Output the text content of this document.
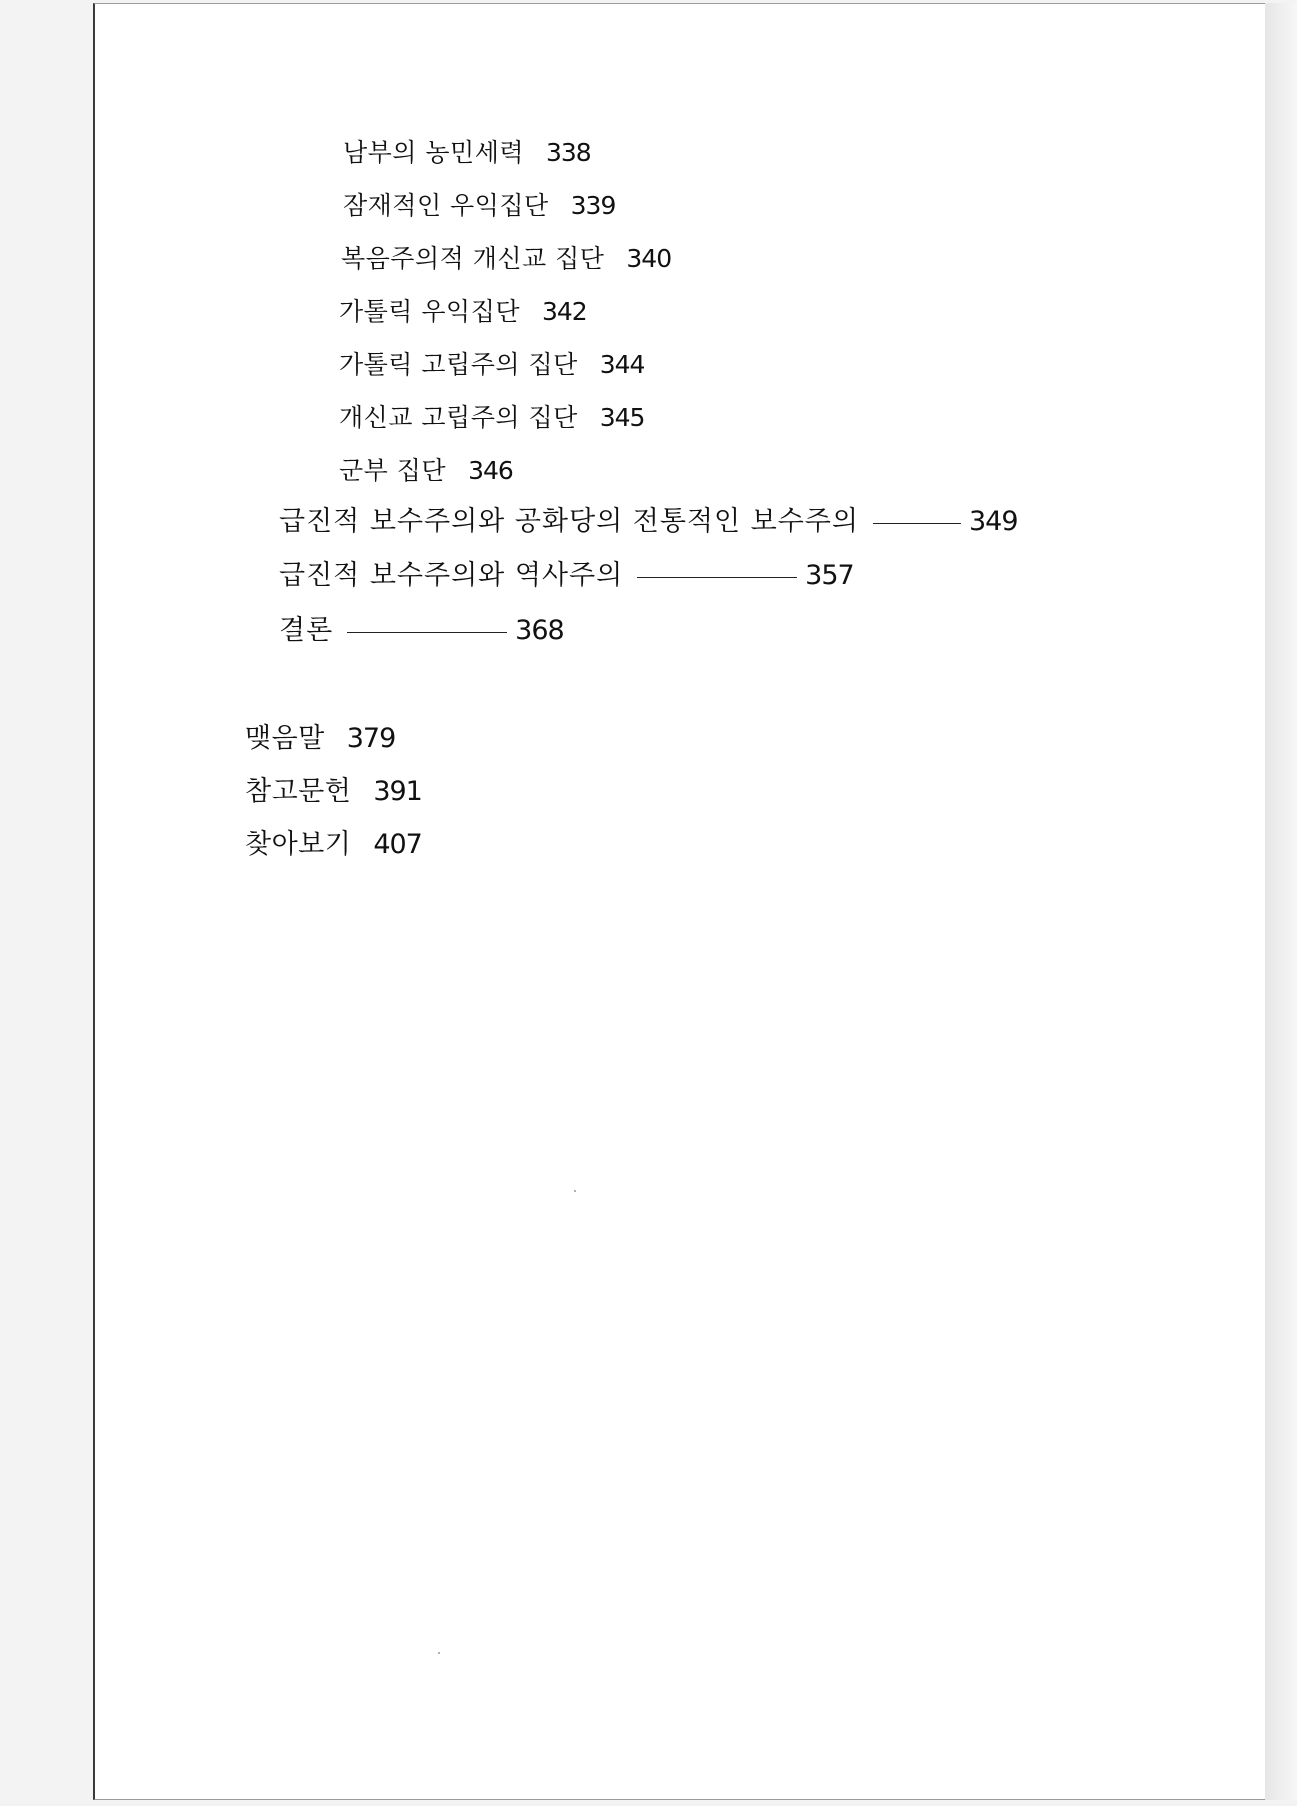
남부의 농민세력 338
잠재적인 우익집단 339
복음주의적 개신교 집단 340
가톨릭 우익집단 342
가톨릭 고립주의 집단 344
개신교 고립주의 집단 345
군부 집단 346
급진적 보수주의와 공화당의 전통적인 보수주의	349
급진적 보수주의와 역사주의	357
결론	368
맺음말 379
참고문헌 391
찾아보기 407
